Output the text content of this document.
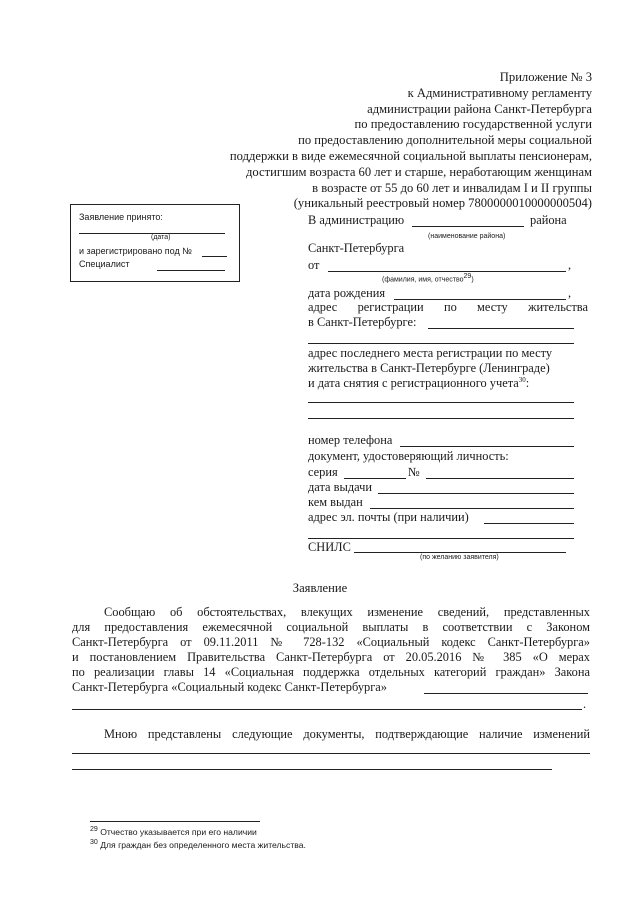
Приложение № 3
к Административному регламенту
администрации района Санкт-Петербурга
по предоставлению государственной услуги
по предоставлению дополнительной меры социальной
поддержки в виде ежемесячной социальной выплаты пенсионерам,
достигшим возраста 60 лет и старше, неработающим женщинам
в возрасте от 55 до 60 лет и инвалидам I и II группы
(уникальный реестровый номер 7800000010000000504)
Заявление принято:
(дата)
и зарегистрировано под №
Специалист
В администрацию	района
(наименование района)
Санкт-Петербурга
от	,
(фамилия, имя, отчество$^{29}$)
дата рождения	,
адрес регистрации по месту жительства
в Санкт-Петербурге:
адрес последнего места регистрации по месту
жительства в Санкт-Петербурге (Ленинграде)
и дата снятия с регистрационного учета$^{30}$:
номер телефона
документ, удостоверяющий личность:
серия	№
дата выдачи
кем выдан
адрес эл. почты (при наличии)
СНИЛС
(по желанию заявителя)
Заявление
Сообщаю об обстоятельствах, влекущих изменение сведений, представленных
для предоставления ежемесячной социальной выплаты в соответствии с Законом
Санкт-Петербурга от 09.11.2011 № 728-132 «Социальный кодекс Санкт-Петербурга»
и постановлением Правительства Санкт-Петербурга от 20.05.2016 № 385 «О мерах
по реализации главы 14 «Социальная поддержка отдельных категорий граждан» Закона
Санкт-Петербурга «Социальный кодекс Санкт-Петербурга»
.
Мною представлены следующие документы, подтверждающие наличие изменений
$^{29}$ Отчество указывается при его наличии
$^{30}$ Для граждан без определенного места жительства.
